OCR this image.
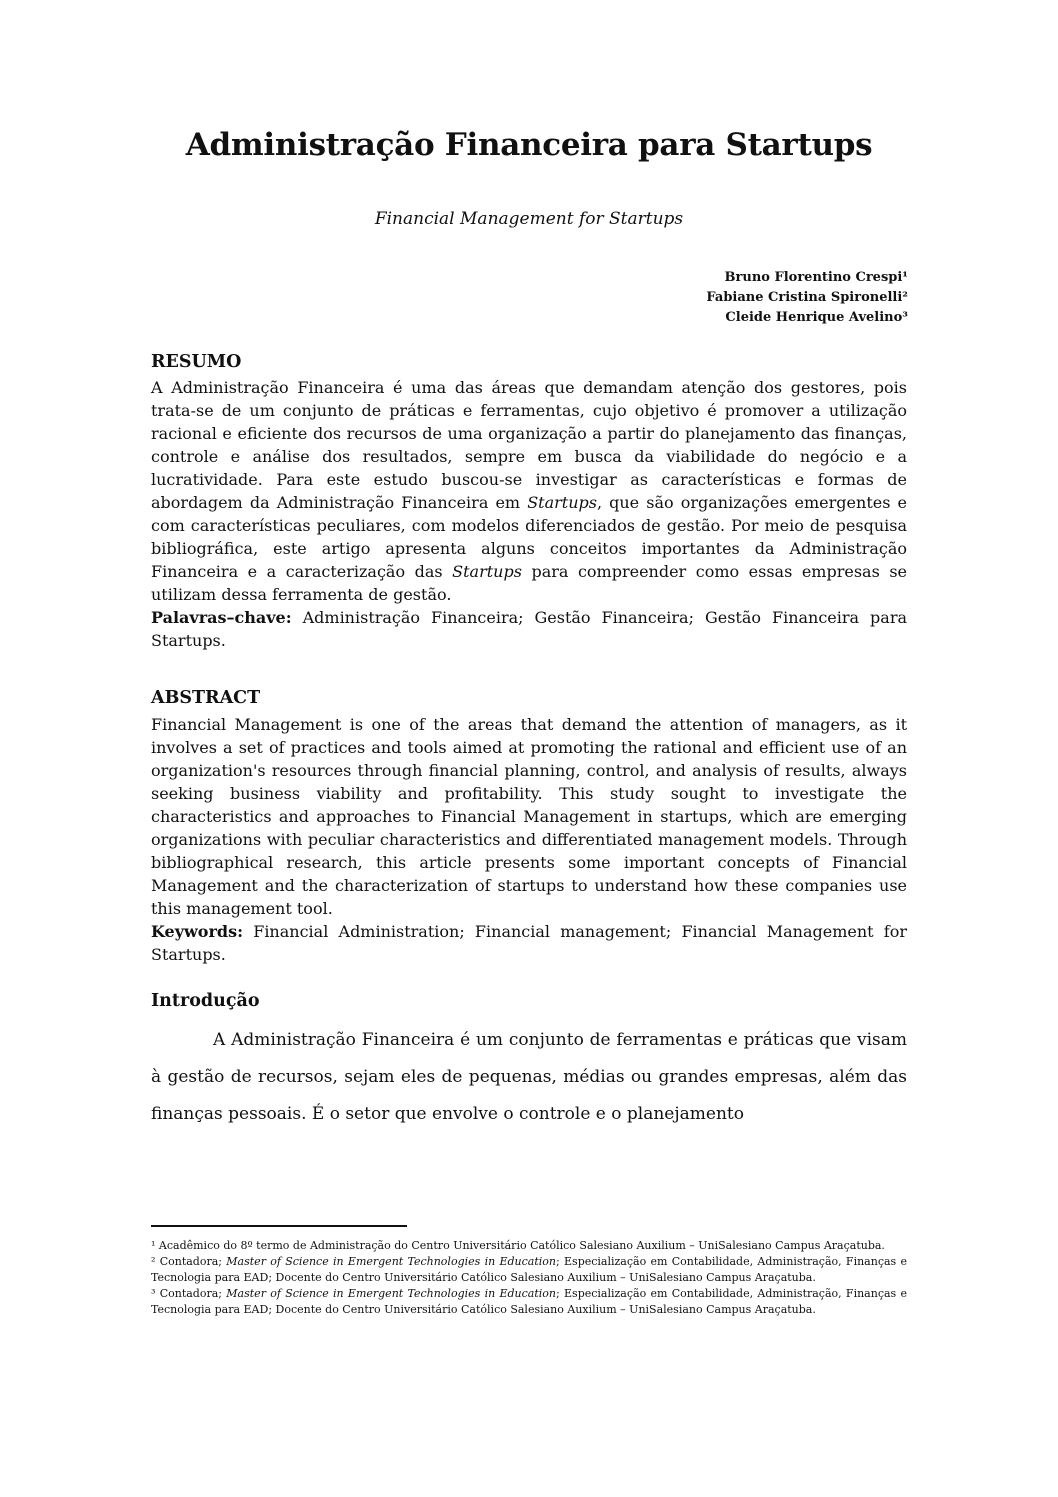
Administração Financeira para Startups
Financial Management for Startups
Bruno Florentino Crespi¹
Fabiane Cristina Spironelli²
Cleide Henrique Avelino³
RESUMO
A Administração Financeira é uma das áreas que demandam atenção dos gestores, pois trata-se de um conjunto de práticas e ferramentas, cujo objetivo é promover a utilização racional e eficiente dos recursos de uma organização a partir do planejamento das finanças, controle e análise dos resultados, sempre em busca da viabilidade do negócio e a lucratividade. Para este estudo buscou-se investigar as características e formas de abordagem da Administração Financeira em Startups, que são organizações emergentes e com características peculiares, com modelos diferenciados de gestão. Por meio de pesquisa bibliográfica, este artigo apresenta alguns conceitos importantes da Administração Financeira e a caracterização das Startups para compreender como essas empresas se utilizam dessa ferramenta de gestão.
Palavras–chave: Administração Financeira; Gestão Financeira; Gestão Financeira para Startups.
ABSTRACT
Financial Management is one of the areas that demand the attention of managers, as it involves a set of practices and tools aimed at promoting the rational and efficient use of an organization's resources through financial planning, control, and analysis of results, always seeking business viability and profitability. This study sought to investigate the characteristics and approaches to Financial Management in startups, which are emerging organizations with peculiar characteristics and differentiated management models. Through bibliographical research, this article presents some important concepts of Financial Management and the characterization of startups to understand how these companies use this management tool.
Keywords: Financial Administration; Financial management; Financial Management for Startups.
Introdução
A Administração Financeira é um conjunto de ferramentas e práticas que visam à gestão de recursos, sejam eles de pequenas, médias ou grandes empresas, além das finanças pessoais. É o setor que envolve o controle e o planejamento

¹ Acadêmico do 8º termo de Administração do Centro Universitário Católico Salesiano Auxilium – UniSalesiano Campus Araçatuba.

² Contadora; Master of Science in Emergent Technologies in Education; Especialização em Contabilidade, Administração, Finanças e Tecnologia para EAD; Docente do Centro Universitário Católico Salesiano Auxilium – UniSalesiano Campus Araçatuba.

³ Contadora; Master of Science in Emergent Technologies in Education; Especialização em Contabilidade, Administração, Finanças e Tecnologia para EAD; Docente do Centro Universitário Católico Salesiano Auxilium – UniSalesiano Campus Araçatuba.
